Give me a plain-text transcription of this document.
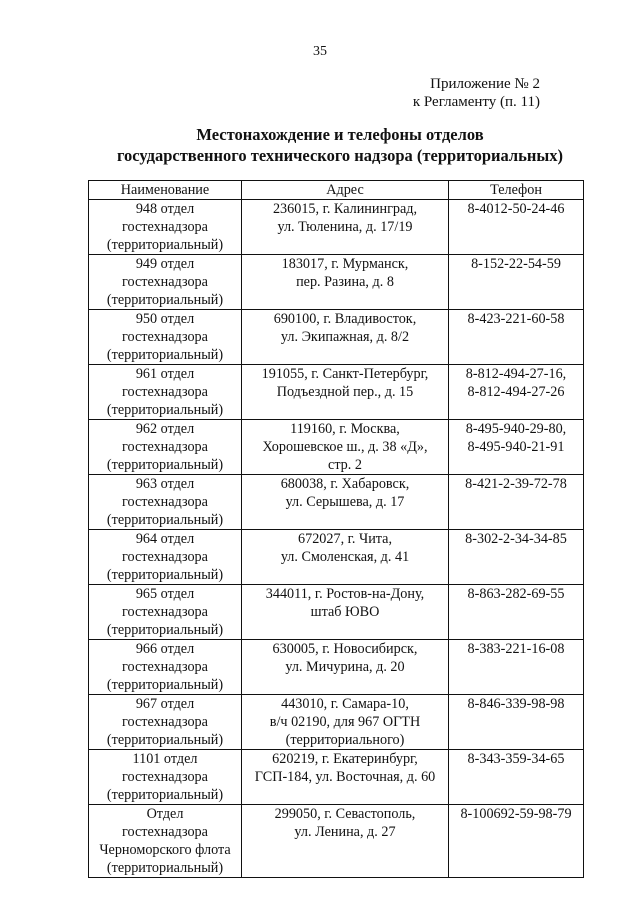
35
Приложение № 2
к Регламенту (п. 11)
Местонахождение и телефоны отделов
государственного технического надзора (территориальных)
Наименование	Адрес	Телефон

948 отдел
гостехнадзора
(территориальный)	236015, г. Калининград,
ул. Тюленина, д. 17/19	8-4012-50-24-46

949 отдел
гостехнадзора
(территориальный)	183017, г. Мурманск,
пер. Разина, д. 8	8-152-22-54-59

950 отдел
гостехнадзора
(территориальный)	690100, г. Владивосток,
ул. Экипажная, д. 8/2	8-423-221-60-58

961 отдел
гостехнадзора
(территориальный)	191055, г. Санкт-Петербург,
Подъездной пер., д. 15	8-812-494-27-16,
8-812-494-27-26

962 отдел
гостехнадзора
(территориальный)	119160, г. Москва,
Хорошевское ш., д. 38 «Д»,
стр. 2	8-495-940-29-80,
8-495-940-21-91

963 отдел
гостехнадзора
(территориальный)	680038, г. Хабаровск,
ул. Серышева, д. 17	8-421-2-39-72-78

964 отдел
гостехнадзора
(территориальный)	672027, г. Чита,
ул. Смоленская, д. 41	8-302-2-34-34-85

965 отдел
гостехнадзора
(территориальный)	344011, г. Ростов-на-Дону,
штаб ЮВО	8-863-282-69-55

966 отдел
гостехнадзора
(территориальный)	630005, г. Новосибирск,
ул. Мичурина, д. 20	8-383-221-16-08

967 отдел
гостехнадзора
(территориальный)	443010, г. Самара-10,
в/ч 02190, для 967 ОГТН
(территориального)	8-846-339-98-98

1101 отдел
гостехнадзора
(территориальный)	620219, г. Екатеринбург,
ГСП-184, ул. Восточная, д. 60	8-343-359-34-65

Отдел
гостехнадзора
Черноморского флота
(территориальный)	299050, г. Севастополь,
ул. Ленина, д. 27	8-100692-59-98-79
